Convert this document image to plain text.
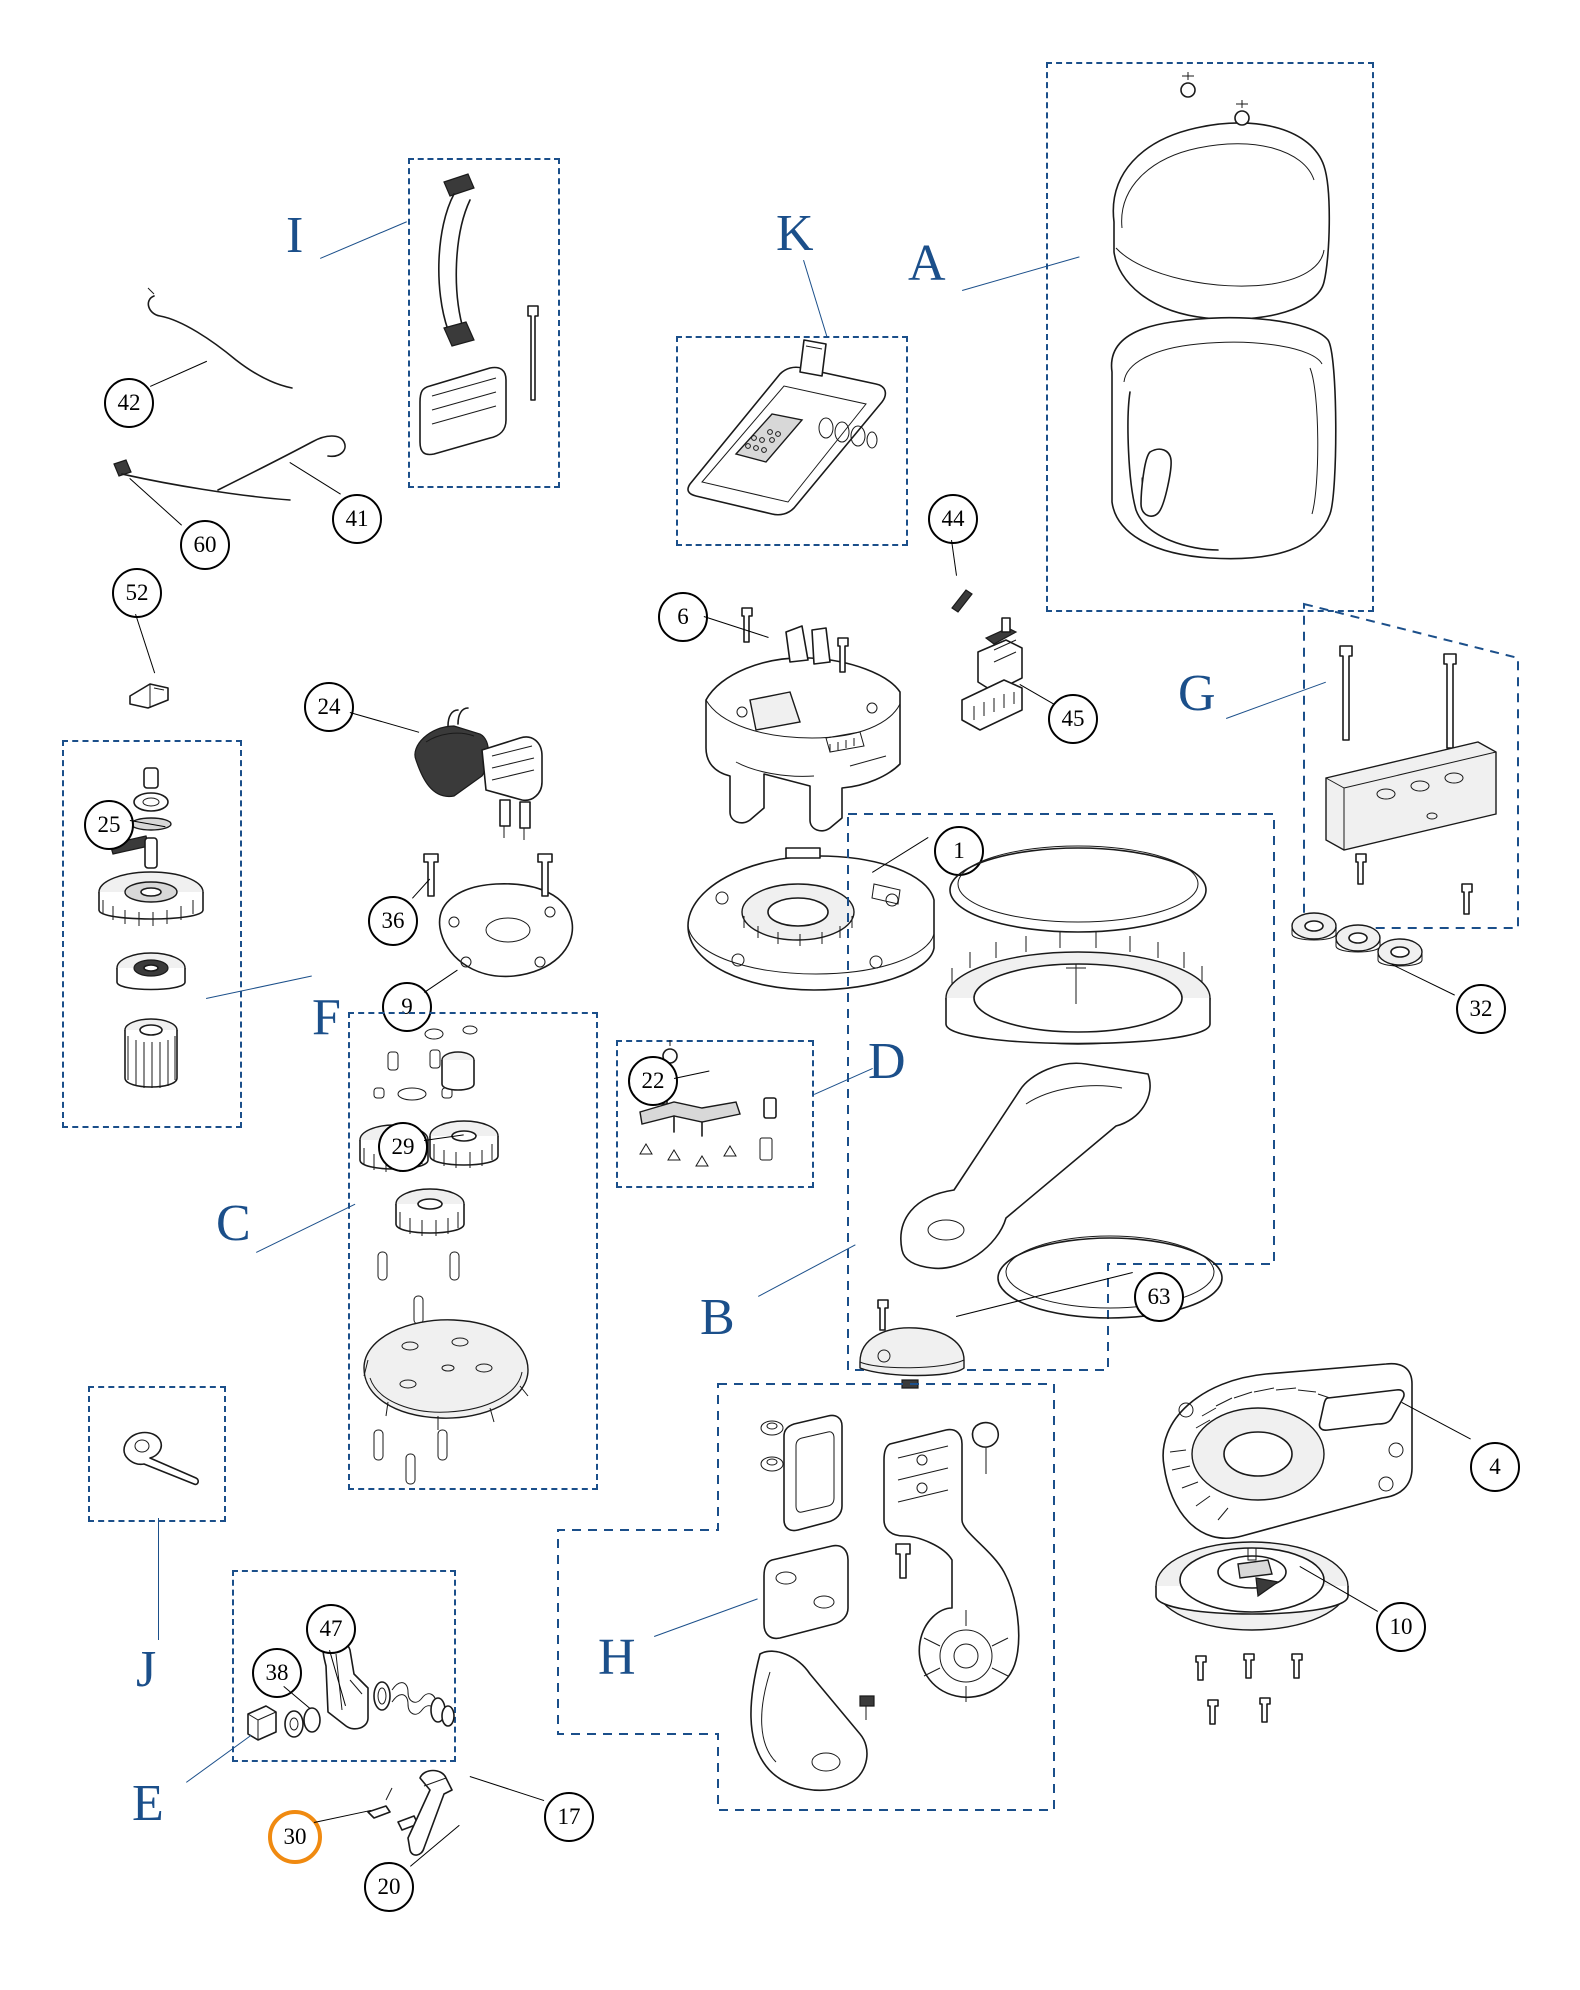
A
K
I
42
41
60
52
F
25
24
36
9
C
29
D
22
6
44
45
1
B	63
G
32
4
10
H
J
E
47
38
30
20
17
